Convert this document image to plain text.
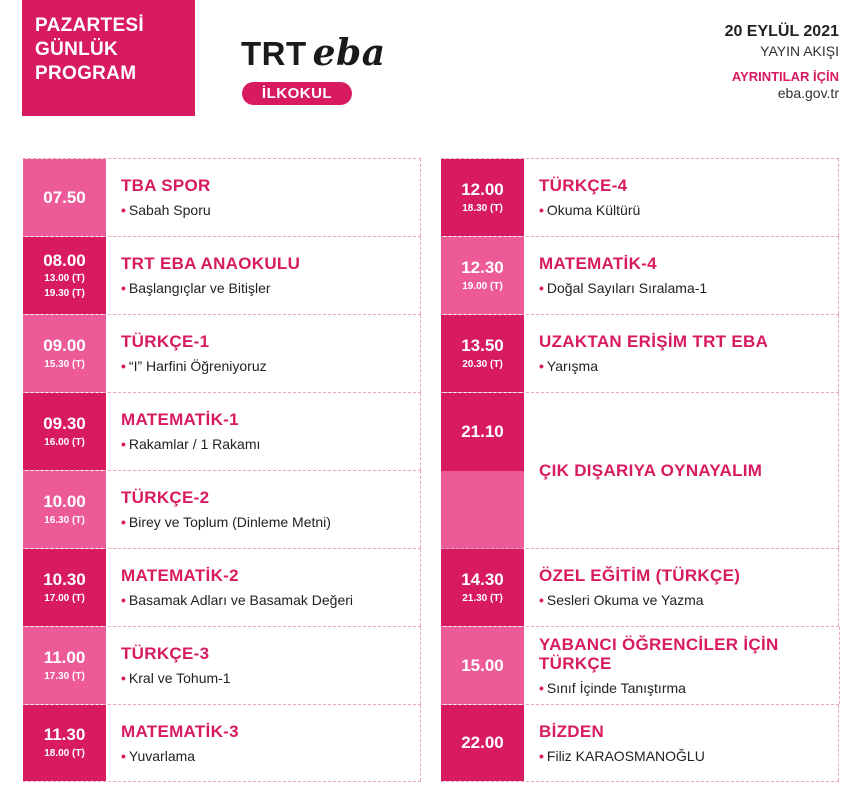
PAZARTESİ
GÜNLÜK
PROGRAM
TRT eba
İLKOKUL
20 EYLÜL 2021
YAYIN AKIŞI
AYRINTILAR İÇİN
eba.gov.tr
07.50
TBA SPOR
• Sabah Sporu
08.00
13.00 (T)
19.30 (T)
TRT EBA ANAOKULU
• Başlangıçlar ve Bitişler
09.00
15.30 (T)
TÜRKÇE-1
• “I” Harfini Öğreniyoruz
09.30
16.00 (T)
MATEMATİK-1
• Rakamlar / 1 Rakamı
10.00
16.30 (T)
TÜRKÇE-2
• Birey ve Toplum (Dinleme Metni)
10.30
17.00 (T)
MATEMATİK-2
• Basamak Adları ve Basamak Değeri
11.00
17.30 (T)
TÜRKÇE-3
• Kral ve Tohum-1
11.30
18.00 (T)
MATEMATİK-3
• Yuvarlama
12.00
18.30 (T)
TÜRKÇE-4
• Okuma Kültürü
12.30
19.00 (T)
MATEMATİK-4
• Doğal Sayıları Sıralama-1
13.50
20.30 (T)
UZAKTAN ERİŞİM TRT EBA
• Yarışma
21.10
ÇIK DIŞARIYA OYNAYALIM
14.30
21.30 (T)
ÖZEL EĞİTİM (TÜRKÇE)
• Sesleri Okuma ve Yazma
15.00
YABANCI ÖĞRENCİLER İÇİN TÜRKÇE
• Sınıf İçinde Tanıştırma
22.00
BİZDEN
• Filiz KARAOSMANOĞLU
